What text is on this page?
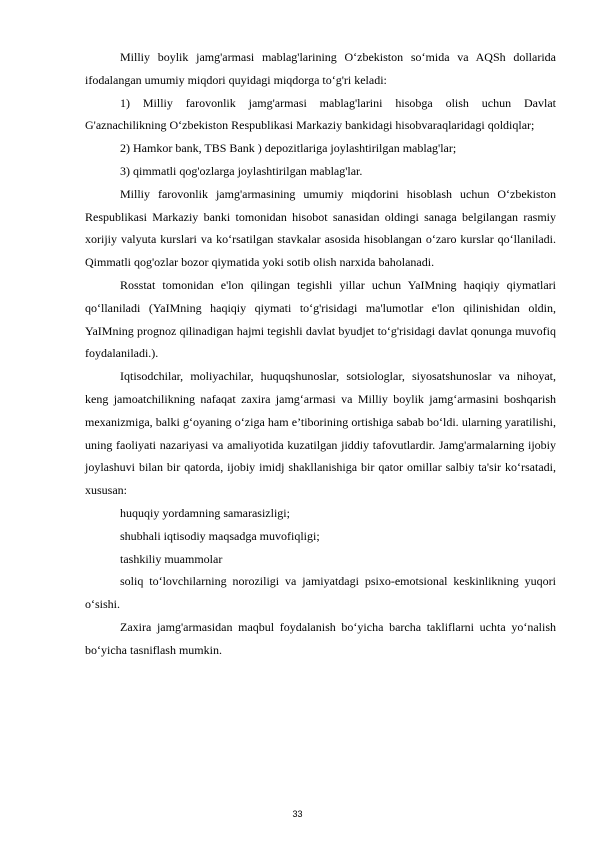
Milliy boylik jamg'armasi mablag'larining O‘zbekiston so‘mida va AQSh dollarida ifodalangan umumiy miqdori quyidagi miqdorga to‘g'ri keladi:

1) Milliy farovonlik jamg'armasi mablag'larini hisobga olish uchun Davlat G'aznachilikning O‘zbekiston Respublikasi Markaziy bankidagi hisobvaraqlaridagi qoldiqlar;

2) Hamkor bank, TBS Bank ) depozitlariga joylashtirilgan mablag'lar;

3) qimmatli qog'ozlarga joylashtirilgan mablag'lar.

Milliy farovonlik jamg'armasining umumiy miqdorini hisoblash uchun O‘zbekiston Respublikasi Markaziy banki tomonidan hisobot sanasidan oldingi sanaga belgilangan rasmiy xorijiy valyuta kurslari va ko‘rsatilgan stavkalar asosida hisoblangan o‘zaro kurslar qo‘llaniladi. Qimmatli qog'ozlar bozor qiymatida yoki sotib olish narxida baholanadi.

Rosstat tomonidan e'lon qilingan tegishli yillar uchun YaIMning haqiqiy qiymatlari qo‘llaniladi (YaIMning haqiqiy qiymati to‘g'risidagi ma'lumotlar e'lon qilinishidan oldin, YaIMning prognoz qilinadigan hajmi tegishli davlat byudjet to‘g'risidagi davlat qonunga muvofiq foydalaniladi.).

Iqtisodchilar, moliyachilar, huquqshunoslar, sotsiologlar, siyosatshunoslar va nihoyat, keng jamoatchilikning nafaqat zaxira jamg‘armasi va Milliy boylik jamg‘armasini boshqarish mexanizmiga, balki g‘oyaning o‘ziga ham e’tiborining ortishiga sabab bo‘ldi. ularning yaratilishi, uning faoliyati nazariyasi va amaliyotida kuzatilgan jiddiy tafovutlardir. Jamg'armalarning ijobiy joylashuvi bilan bir qatorda, ijobiy imidj shakllanishiga bir qator omillar salbiy ta'sir ko‘rsatadi, xususan:

huquqiy yordamning samarasizligi;

shubhali iqtisodiy maqsadga muvofiqligi;

tashkiliy muammolar

soliq to‘lovchilarning noroziligi va jamiyatdagi psixo-emotsional keskinlikning yuqori o‘sishi.

Zaxira jamg'armasidan maqbul foydalanish bo‘yicha barcha takliflarni uchta yo‘nalish bo‘yicha tasniflash mumkin.

33
